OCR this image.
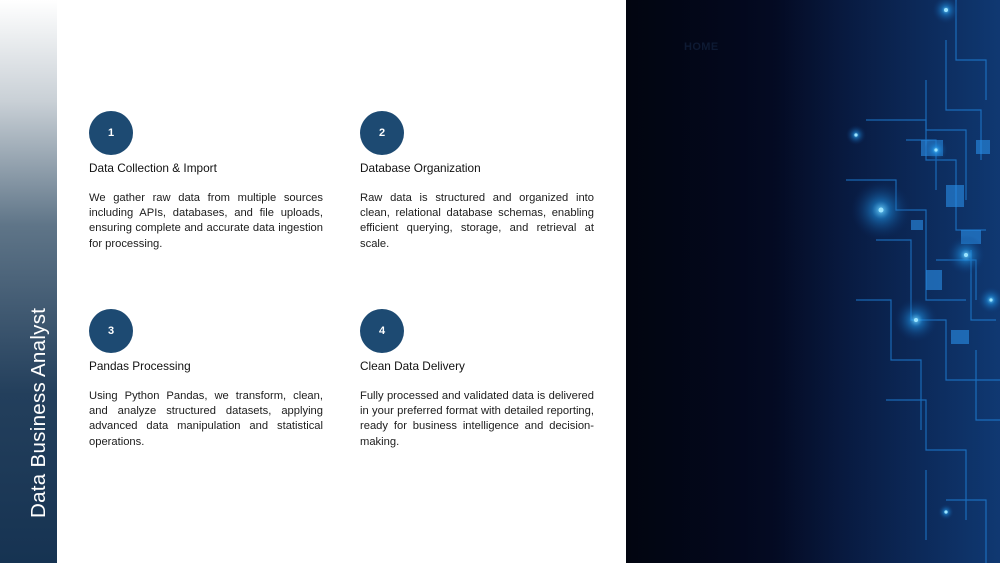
Data Business Analyst
1
Data Collection & Import
We gather raw data from multiple sources including APIs, databases, and file uploads, ensuring complete and accurate data ingestion for processing.
2
Database Organization
Raw data is structured and organized into clean, relational database schemas, enabling efficient querying, storage, and retrieval at scale.
3
Pandas Processing
Using Python Pandas, we transform, clean, and analyze structured datasets, applying advanced data manipulation and statistical operations.
4
Clean Data Delivery
Fully processed and validated data is delivered in your preferred format with detailed reporting, ready for business intelligence and decision-making.
HOME
